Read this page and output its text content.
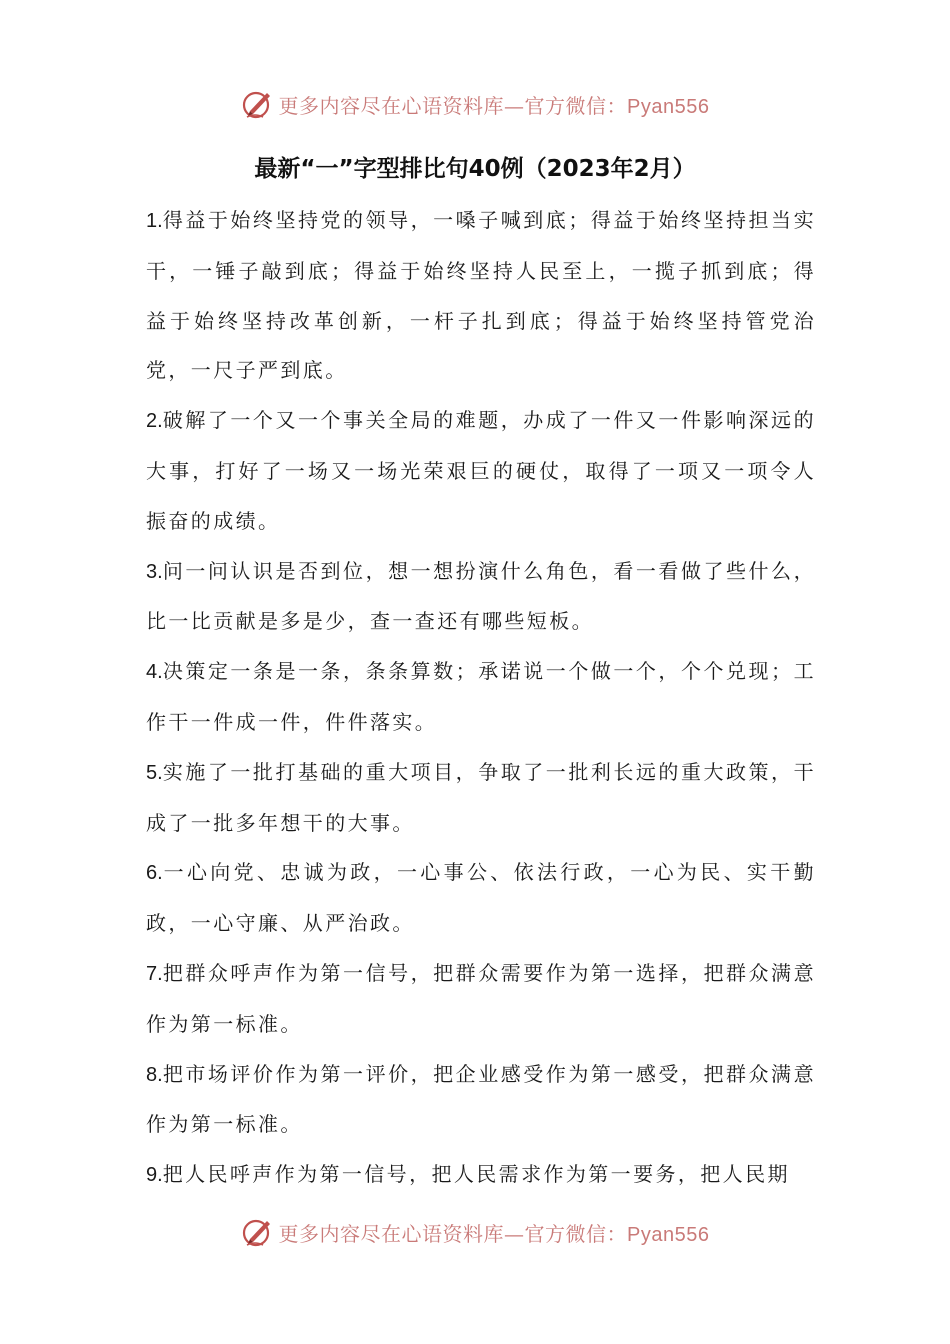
更多内容尽在心语资料库—官方微信：Pyan556
最新“一”字型排比句40例（2023年2月）

1.得益于始终坚持党的领导，一嗓子喊到底；得益于始终坚持担当实干，一锤子敲到底；得益于始终坚持人民至上，一揽子抓到底；得益于始终坚持改革创新，一杆子扎到底；得益于始终坚持管党治党，一尺子严到底。

2.破解了一个又一个事关全局的难题，办成了一件又一件影响深远的大事，打好了一场又一场光荣艰巨的硬仗，取得了一项又一项令人振奋的成绩。

3.问一问认识是否到位，想一想扮演什么角色，看一看做了些什么，比一比贡献是多是少，查一查还有哪些短板。

4.决策定一条是一条，条条算数；承诺说一个做一个，个个兑现；工作干一件成一件，件件落实。

5.实施了一批打基础的重大项目，争取了一批利长远的重大政策，干成了一批多年想干的大事。

6.一心向党、忠诚为政，一心事公、依法行政，一心为民、实干勤政，一心守廉、从严治政。

7.把群众呼声作为第一信号，把群众需要作为第一选择，把群众满意作为第一标准。

8.把市场评价作为第一评价，把企业感受作为第一感受，把群众满意作为第一标准。

9.把人民呼声作为第一信号，把人民需求作为第一要务，把人民期

更多内容尽在心语资料库—官方微信：Pyan556
